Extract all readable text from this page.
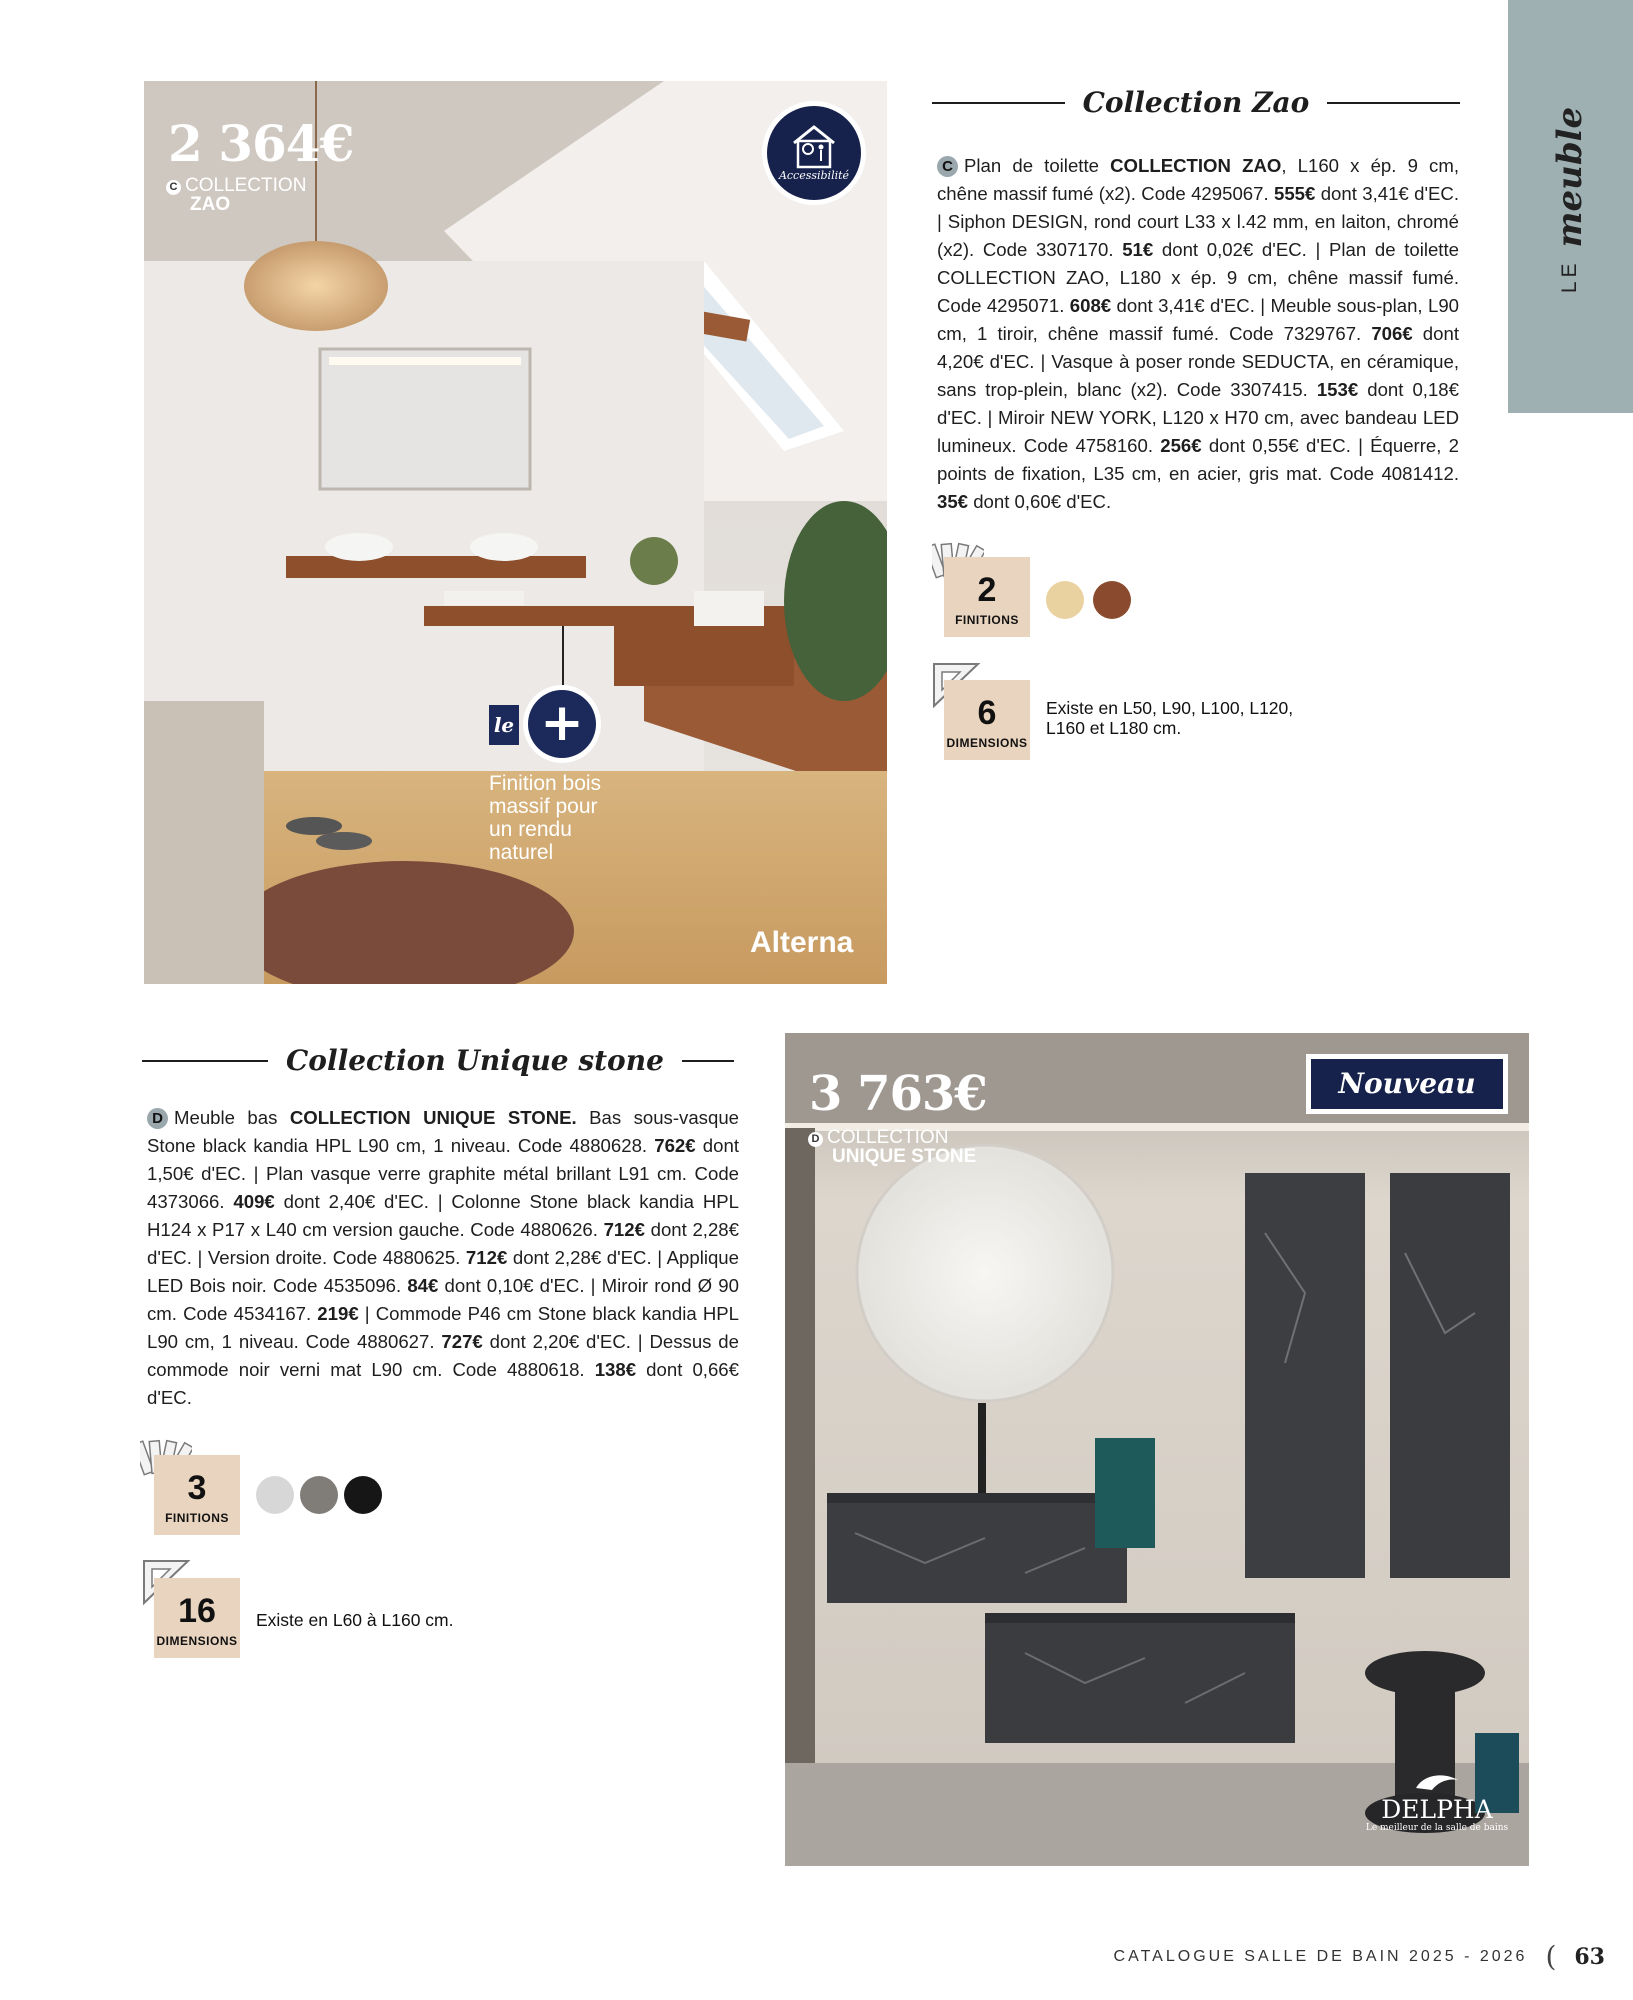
LEmeuble
2 364€
C COLLECTION
ZAO
Accessibilité
le +
Finition bois
massif pour
un rendu
naturel
Alterna
Collection Zao
C Plan de toilette COLLECTION ZAO, L160 x ép. 9 cm, chêne massif fumé (x2). Code 4295067. 555€ dont 3,41€ d'EC. | Siphon DESIGN, rond court L33 x l.42 mm, en laiton, chromé (x2). Code 3307170. 51€ dont 0,02€ d'EC. | Plan de toilette COLLECTION ZAO, L180 x ép. 9 cm, chêne massif fumé. Code 4295071. 608€ dont 3,41€ d'EC. | Meuble sous-plan, L90 cm, 1 tiroir, chêne massif fumé. Code 7329767. 706€ dont 4,20€ d'EC. | Vasque à poser ronde SEDUCTA, en céramique, sans trop-plein, blanc (x2). Code 3307415. 153€ dont 0,18€ d'EC. | Miroir NEW YORK, L120 x H70 cm, avec bandeau LED lumineux. Code 4758160. 256€ dont 0,55€ d'EC. | Équerre, 2 points de fixation, L35 cm, en acier, gris mat. Code 4081412. 35€ dont 0,60€ d'EC.
2
FINITIONS
6
DIMENSIONS
Existe en L50, L90, L100, L120,
L160 et L180 cm.
Collection Unique stone
D Meuble bas COLLECTION UNIQUE STONE. Bas sous-vasque Stone black kandia HPL L90 cm, 1 niveau. Code 4880628. 762€ dont 1,50€ d'EC. | Plan vasque verre graphite métal brillant L91 cm. Code 4373066. 409€ dont 2,40€ d'EC. | Colonne Stone black kandia HPL H124 x P17 x L40 cm version gauche. Code 4880626. 712€ dont 2,28€ d'EC. | Version droite. Code 4880625. 712€ dont 2,28€ d'EC. | Applique LED Bois noir. Code 4535096. 84€ dont 0,10€ d'EC. | Miroir rond Ø 90 cm. Code 4534167. 219€ | Commode P46 cm Stone black kandia HPL L90 cm, 1 niveau. Code 4880627. 727€ dont 2,20€ d'EC. | Dessus de commode noir verni mat L90 cm. Code 4880618. 138€ dont 0,66€ d'EC.
3
FINITIONS
16
DIMENSIONS
Existe en L60 à L160 cm.
3 763€
D COLLECTION
UNIQUE STONE
Nouveau
DELPHA
Le meilleur de la salle de bains
CATALOGUE SALLE DE BAIN 2025 - 2026 ( 63
